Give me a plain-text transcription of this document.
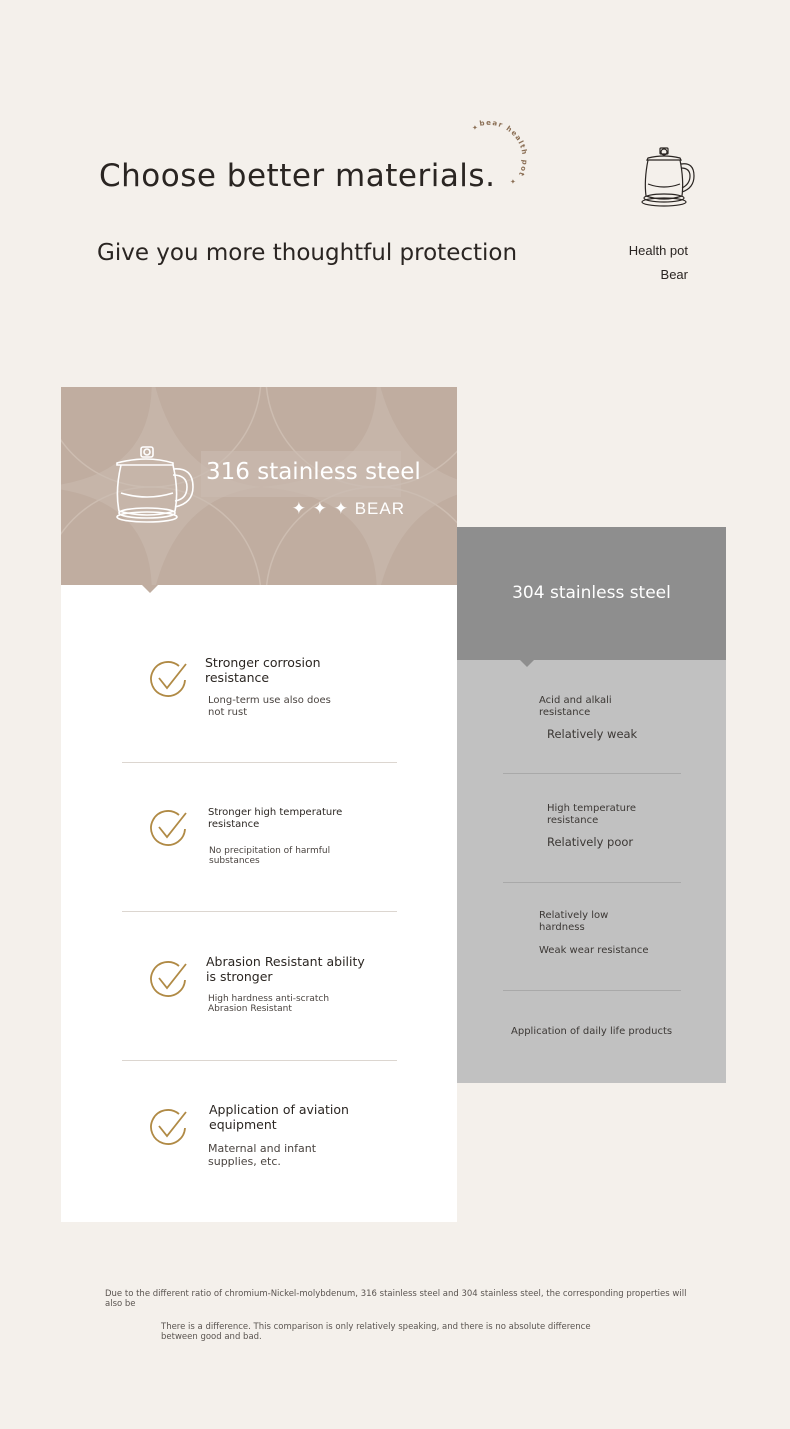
Choose better materials.
Give you more thoughtful protection
bear health pot
✦
✦
Health pot
Bear
316 stainless steel
✦ ✦ ✦ BEAR
Stronger corrosion resistance
Long-term use also does not rust
Stronger high temperature resistance
No precipitation of harmful substances
Abrasion Resistant ability is stronger
High hardness anti-scratch Abrasion Resistant
Application of aviation equipment
Maternal and infant supplies, etc.
304 stainless steel
Acid and alkali resistance
Relatively weak
High temperature resistance
Relatively poor
Relatively low hardness
Weak wear resistance
Application of daily life products
Due to the different ratio of chromium-Nickel-molybdenum, 316 stainless steel and 304 stainless steel, the corresponding properties will also be
There is a difference. This comparison is only relatively speaking, and there is no absolute difference between good and bad.
